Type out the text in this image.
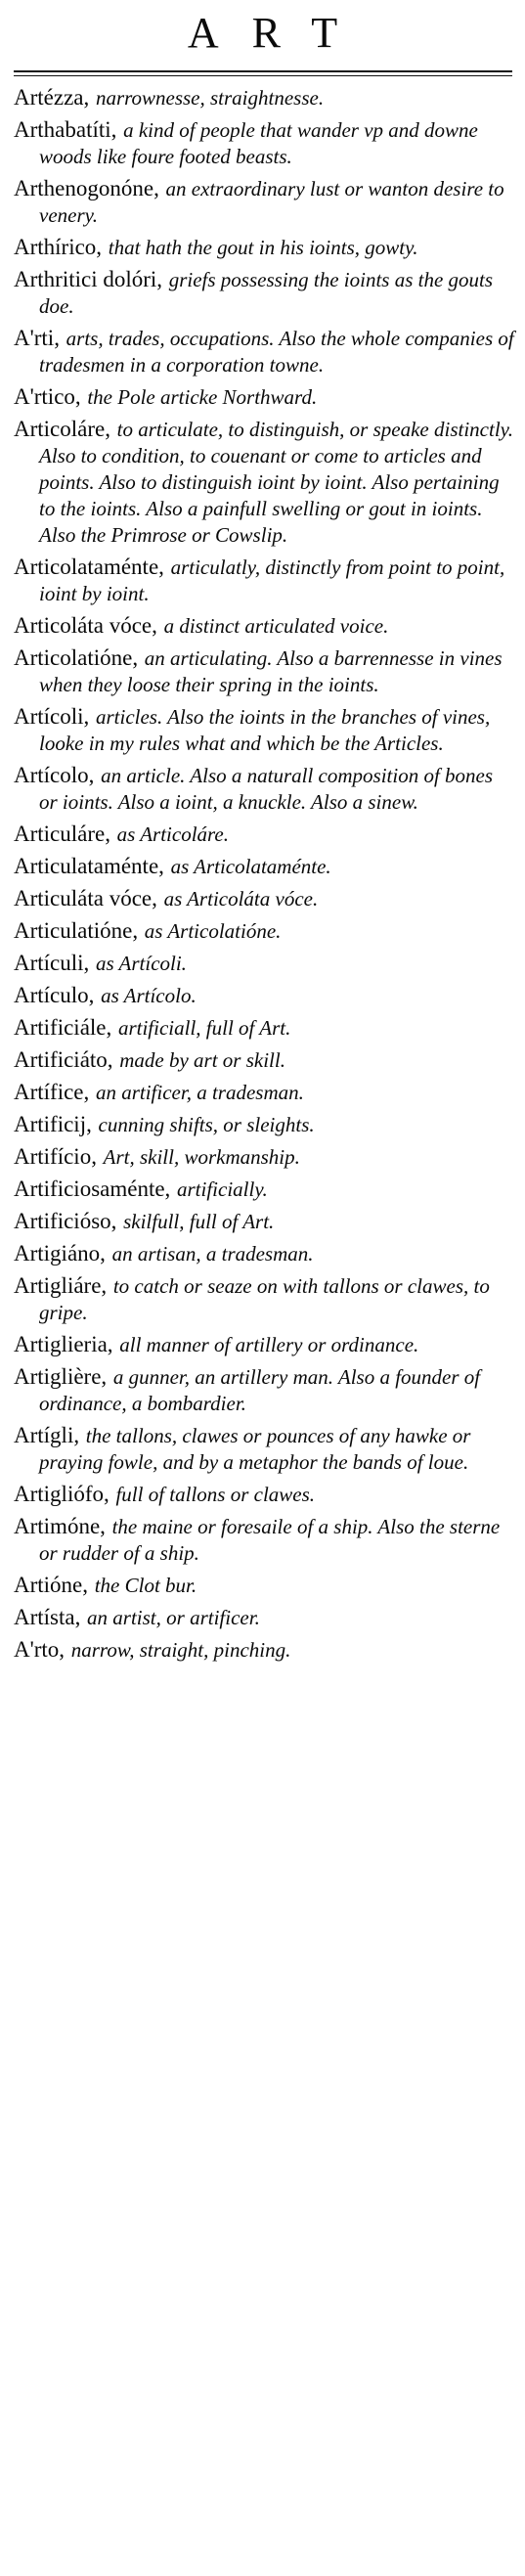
ART
Artézza, narrownesse, straightnesse.
Arthabatíti, a kind of people that wander vp and downe woods like foure footed beasts.
Arthenogonóne, an extraordinary lust or wanton desire to venery.
Arthírico, that hath the gout in his ioints, gowty.
Arthritici dolóri, griefs possessing the ioints as the gouts doe.
A'rti, arts, trades, occupations. Also the whole companies of tradesmen in a corporation towne.
A'rtico, the Pole articke Northward.
Articoláre, to articulate, to distinguish, or speake distinctly. Also to condition, to couenant or come to articles and points. Also to distinguish ioint by ioint. Also pertaining to the ioints. Also a painfull swelling or gout in ioints. Also the Primrose or Cowslip.
Articolataménte, articulatly, distinctly from point to point, ioint by ioint.
Articoláta vóce, a distinct articulated voice.
Articolatióne, an articulating. Also a barrennesse in vines when they loose their spring in the ioints.
Artícoli, articles. Also the ioints in the branches of vines, looke in my rules what and which be the Articles.
Artícolo, an article. Also a naturall composition of bones or ioints. Also a ioint, a knuckle. Also a sinew.
Articuláre, as Articoláre.
Articulataménte, as Articolataménte.
Articuláta vóce, as Articoláta vóce.
Articulatióne, as Articolatióne.
Artículi, as Artícoli.
Artículo, as Artícolo.
Artificiále, artificiall, full of Art.
Artificiáto, made by art or skill.
Artífice, an artificer, a tradesman.
Artificij, cunning shifts, or sleights.
Artifício, Art, skill, workmanship.
Artificiosaménte, artificially.
Artificióso, skilfull, full of Art.
Artigiáno, an artisan, a tradesman.
Artigliáre, to catch or seaze on with tallons or clawes, to gripe.
Artiglieria, all manner of artillery or ordinance.
Artiglière, a gunner, an artillery man. Also a founder of ordinance, a bombardier.
Artígli, the tallons, clawes or pounces of any hawke or praying fowle, and by a metaphor the bands of loue.
Artigliófo, full of tallons or clawes.
Artimóne, the maine or foresaile of a ship. Also the sterne or rudder of a ship.
Artióne, the Clot bur.
Artísta, an artist, or artificer.
A'rto, narrow, straight, pinching.
